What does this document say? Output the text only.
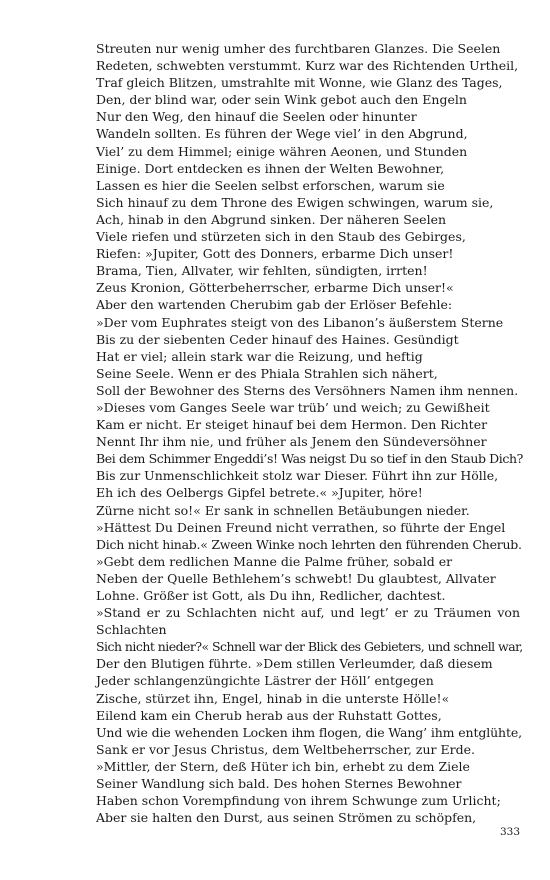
Streuten nur wenig umher des furchtbaren Glanzes. Die Seelen
Redeten, schwebten verstummt. Kurz war des Richtenden Urtheil,
Traf gleich Blitzen, umstrahlte mit Wonne, wie Glanz des Tages,
Den, der blind war, oder sein Wink gebot auch den Engeln
Nur den Weg, den hinauf die Seelen oder hinunter
Wandeln sollten. Es führen der Wege viel’ in den Abgrund,
Viel’ zu dem Himmel; einige währen Aeonen, und Stunden
Einige. Dort entdecken es ihnen der Welten Bewohner,
Lassen es hier die Seelen selbst erforschen, warum sie
Sich hinauf zu dem Throne des Ewigen schwingen, warum sie,
Ach, hinab in den Abgrund sinken. Der näheren Seelen
Viele riefen und stürzeten sich in den Staub des Gebirges,
Riefen: »Jupiter, Gott des Donners, erbarme Dich unser!
Brama, Tien, Allvater, wir fehlten, sündigten, irrten!
Zeus Kronion, Götterbeherrscher, erbarme Dich unser!«
Aber den wartenden Cherubim gab der Erlöser Befehle:
»Der vom Euphrates steigt von des Libanon’s äußerstem Sterne
Bis zu der siebenten Ceder hinauf des Haines. Gesündigt
Hat er viel; allein stark war die Reizung, und heftig
Seine Seele. Wenn er des Phiala Strahlen sich nähert,
Soll der Bewohner des Sterns des Versöhners Namen ihm nennen.
»Dieses vom Ganges Seele war trüb’ und weich; zu Gewißheit
Kam er nicht. Er steiget hinauf bei dem Hermon. Den Richter
Nennt Ihr ihm nie, und früher als Jenem den Sündeversöhner
Bei dem Schimmer Engeddi’s! Was neigst Du so tief in den Staub Dich?
Bis zur Unmenschlichkeit stolz war Dieser. Führt ihn zur Hölle,
Eh ich des Oelbergs Gipfel betrete.« »Jupiter, höre!
Zürne nicht so!« Er sank in schnellen Betäubungen nieder.
»Hättest Du Deinen Freund nicht verrathen, so führte der Engel
Dich nicht hinab.« Zween Winke noch lehrten den führenden Cherub.
»Gebt dem redlichen Manne die Palme früher, sobald er
Neben der Quelle Bethlehem’s schwebt! Du glaubtest, Allvater
Lohne. Größer ist Gott, als Du ihn, Redlicher, dachtest.
»Stand er zu Schlachten nicht auf, und legt’ er zu Träumen von Schlachten
Sich nicht nieder?« Schnell war der Blick des Gebieters, und schnell war,
Der den Blutigen führte. »Dem stillen Verleumder, daß diesem
Jeder schlangenzüngichte Lästrer der Höll’ entgegen
Zische, stürzet ihn, Engel, hinab in die unterste Hölle!«
Eilend kam ein Cherub herab aus der Ruhstatt Gottes,
Und wie die wehenden Locken ihm flogen, die Wang’ ihm entglühte,
Sank er vor Jesus Christus, dem Weltbeherrscher, zur Erde.
»Mittler, der Stern, deß Hüter ich bin, erhebt zu dem Ziele
Seiner Wandlung sich bald. Des hohen Sternes Bewohner
Haben schon Vorempfindung von ihrem Schwunge zum Urlicht;
Aber sie halten den Durst, aus seinen Strömen zu schöpfen,
333
